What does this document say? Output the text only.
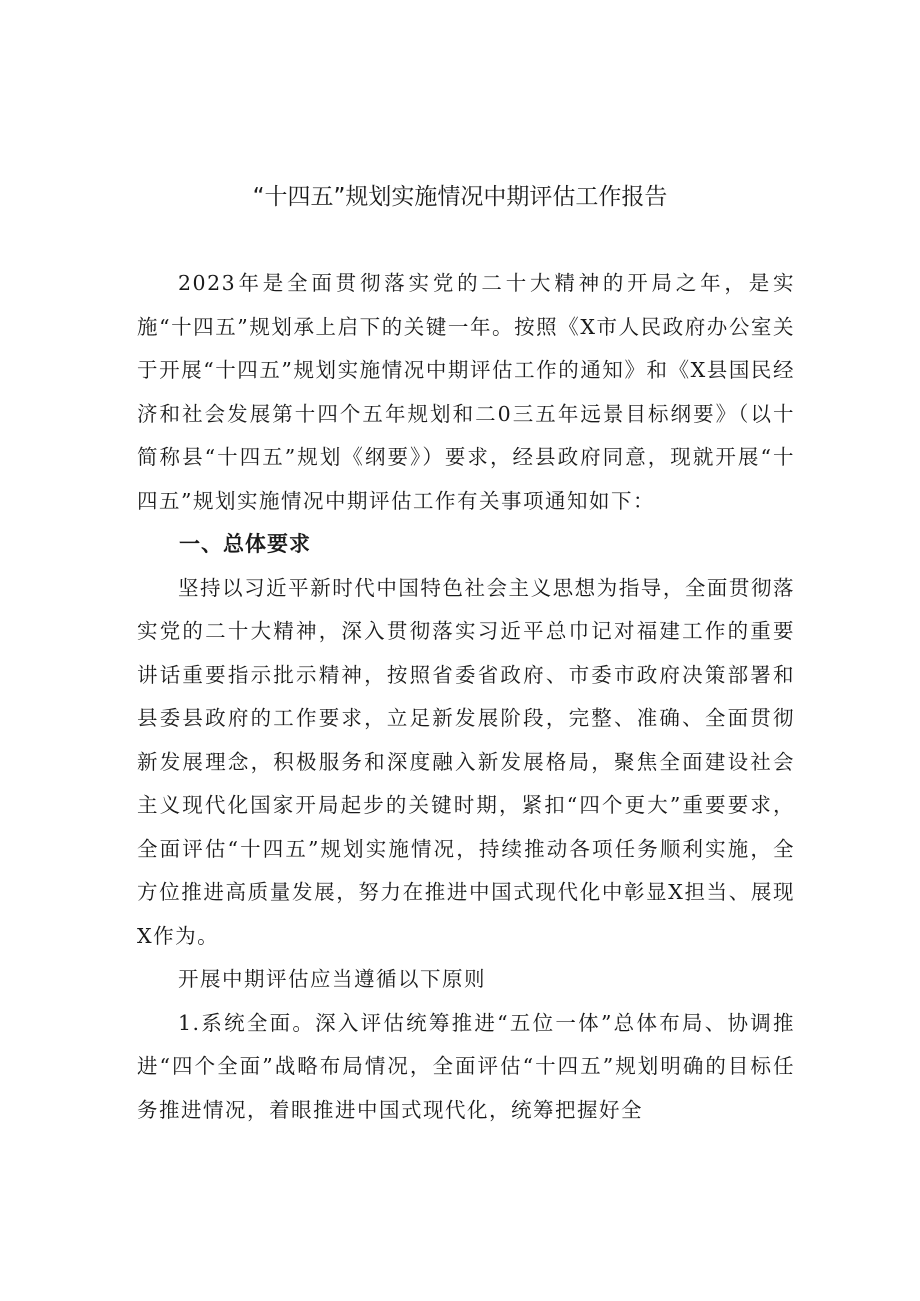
“十四五”规划实施情况中期评估工作报告

2023年是全面贯彻落实党的二十大精神的开局之年，是实施“十四五”规划承上启下的关键一年。按照《X市人民政府办公室关于开展“十四五”规划实施情况中期评估工作的通知》和《X县国民经济和社会发展第十四个五年规划和二0三五年远景目标纲要》（以十简称县“十四五”规划《纲要》）要求，经县政府同意，现就开展“十四五”规划实施情况中期评估工作有关事项通知如下：

一、总体要求

坚持以习近平新时代中国特色社会主义思想为指导，全面贯彻落实党的二十大精神，深入贯彻落实习近平总巾记对福建工作的重要讲话重要指示批示精神，按照省委省政府、市委市政府决策部署和县委县政府的工作要求，立足新发展阶段，完整、准确、全面贯彻新发展理念，积极服务和深度融入新发展格局，聚焦全面建设社会主义现代化国家开局起步的关键时期，紧扣“四个更大”重要要求，全面评估“十四五”规划实施情况，持续推动各项任务顺利实施，全方位推进高质量发展，努力在推进中国式现代化中彰显X担当、展现X作为。

开展中期评估应当遵循以下原则

1.系统全面。深入评估统筹推进“五位一体”总体布局、协调推进“四个全面”战略布局情况，全面评估“十四五”规划明确的目标任务推进情况，着眼推进中国式现代化，统筹把握好全
